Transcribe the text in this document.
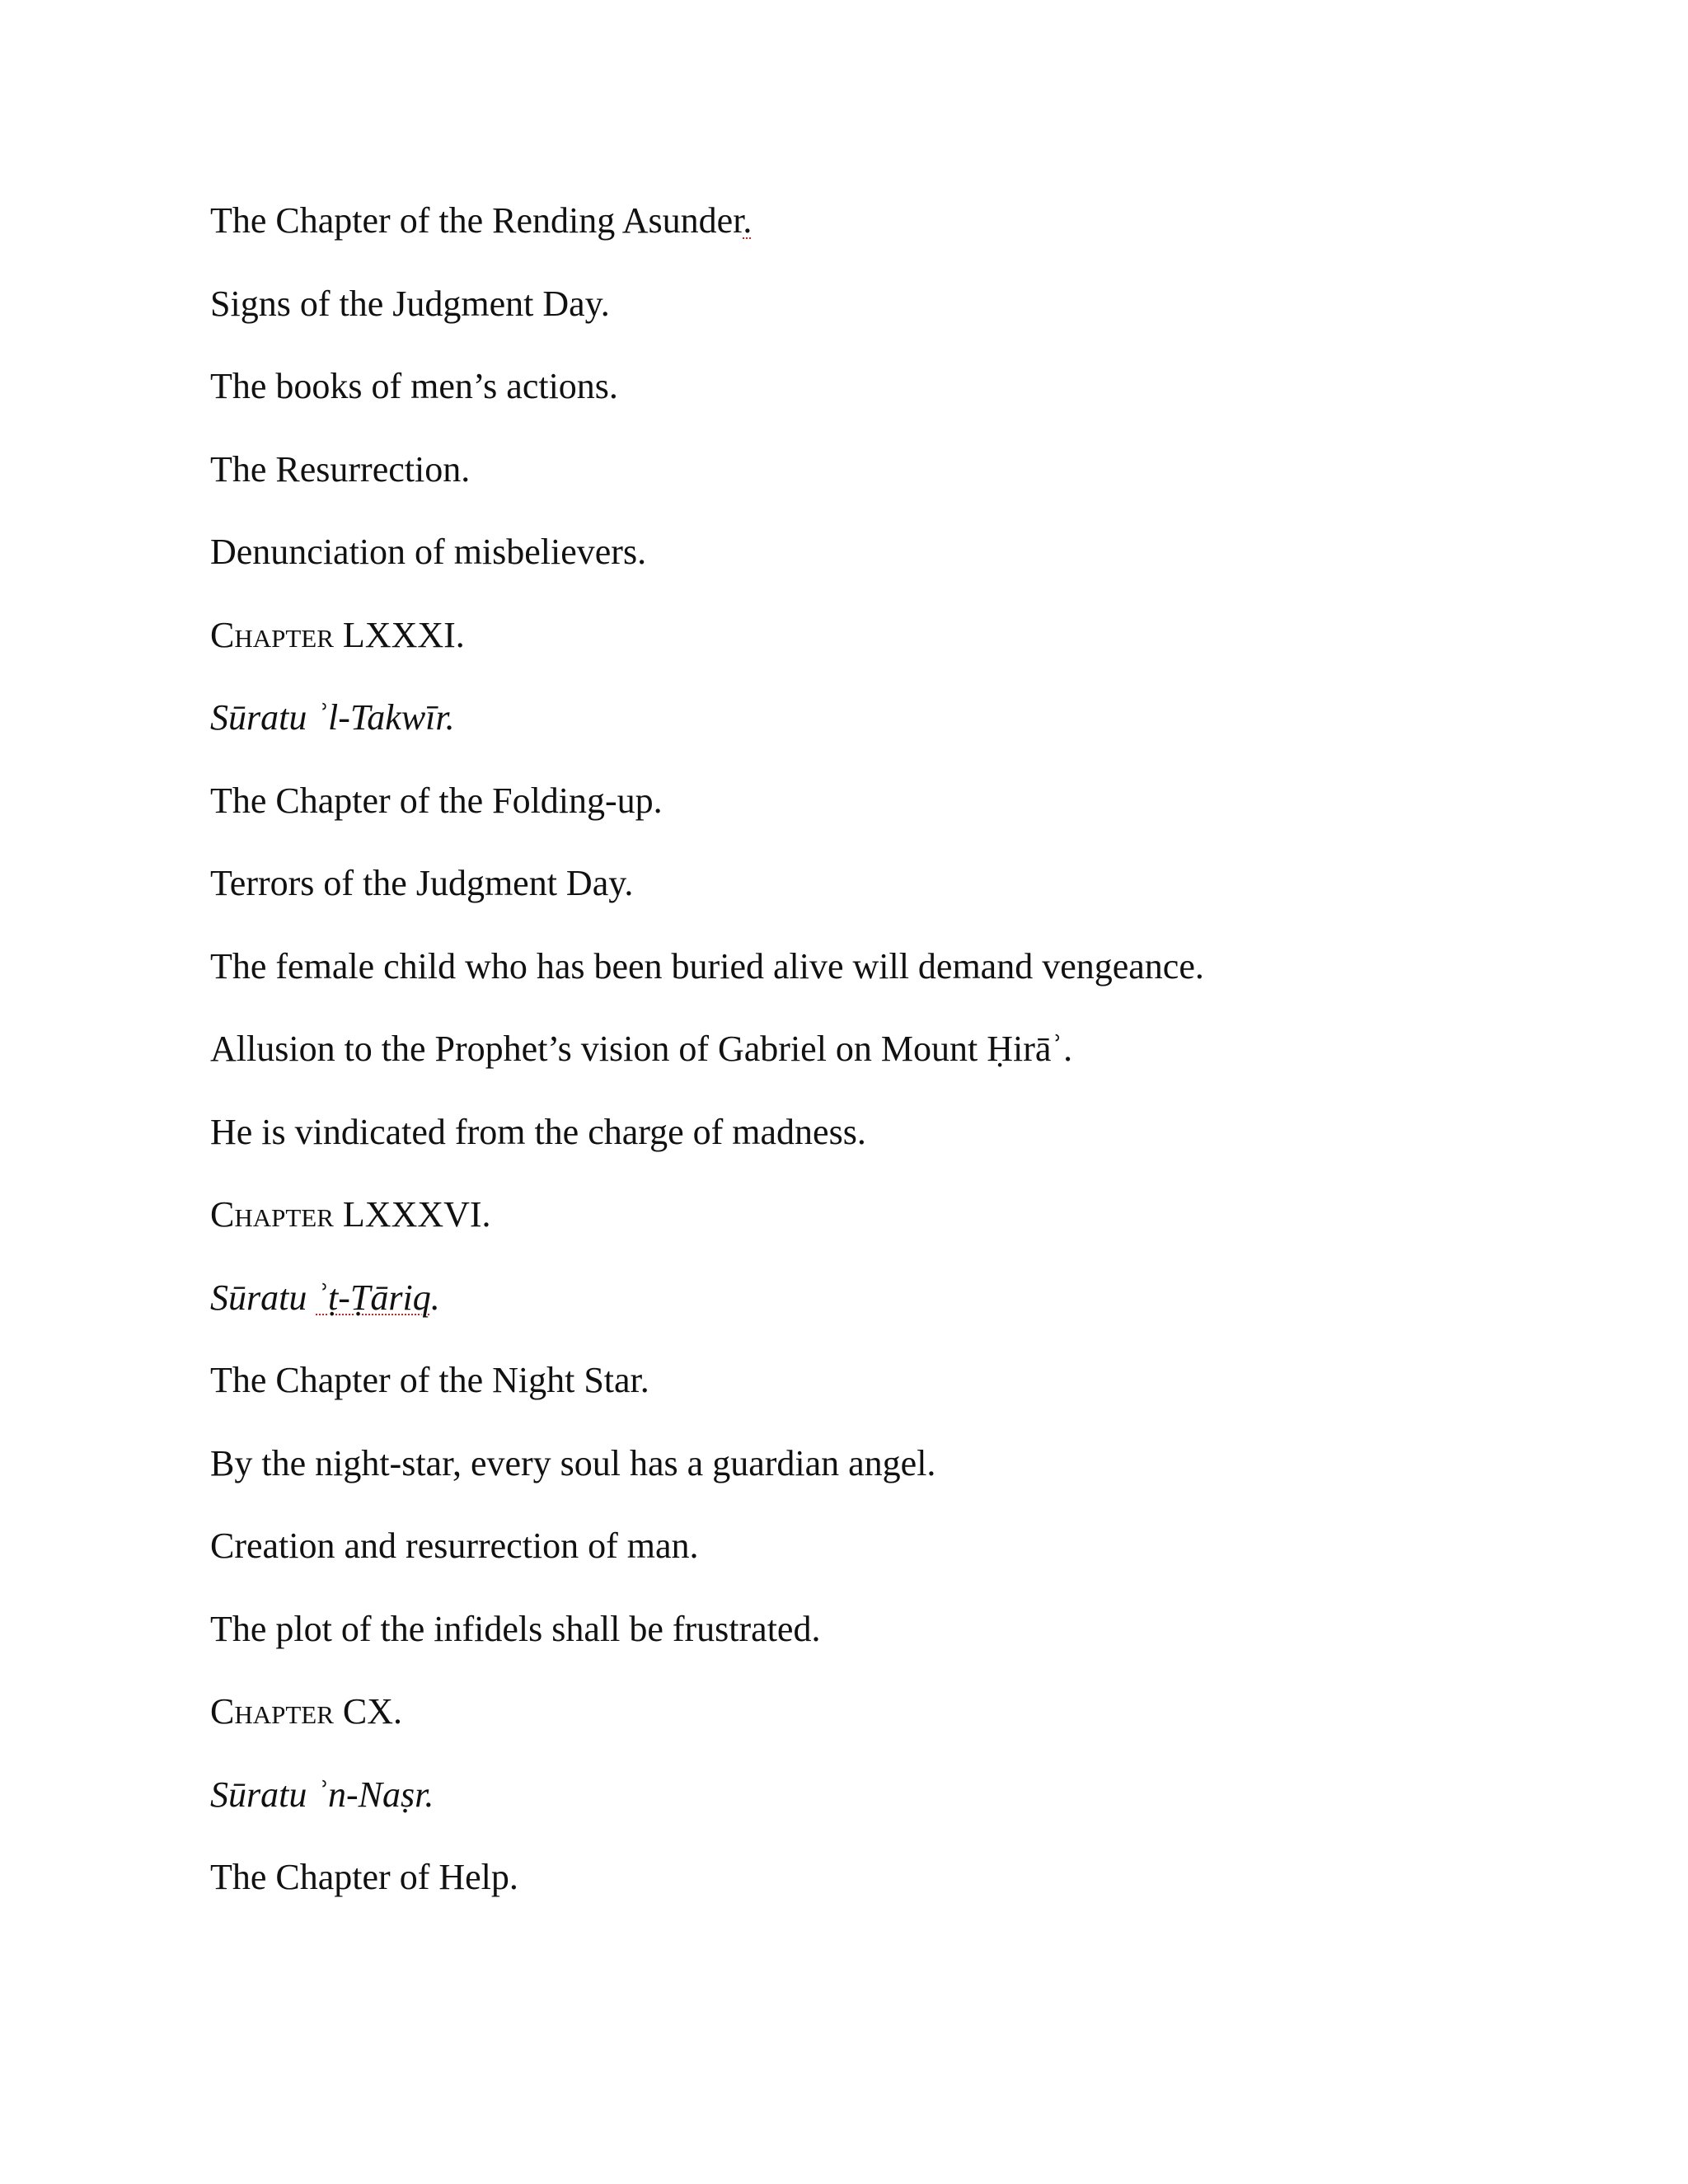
The Chapter of the Rending Asunder.
Signs of the Judgment Day.
The books of men’s actions.
The Resurrection.
Denunciation of misbelievers.
Chapter LXXXI.
Sūratu ʾl-Takwīr.
The Chapter of the Folding-up.
Terrors of the Judgment Day.
The female child who has been buried alive will demand vengeance.
Allusion to the Prophet’s vision of Gabriel on Mount Ḥirāʾ.
He is vindicated from the charge of madness.
Chapter LXXXVI.
Sūratu ʾṭ-Ṭāriq.
The Chapter of the Night Star.
By the night-star, every soul has a guardian angel.
Creation and resurrection of man.
The plot of the infidels shall be frustrated.
Chapter CX.
Sūratu ʾn-Naṣr.
The Chapter of Help.
